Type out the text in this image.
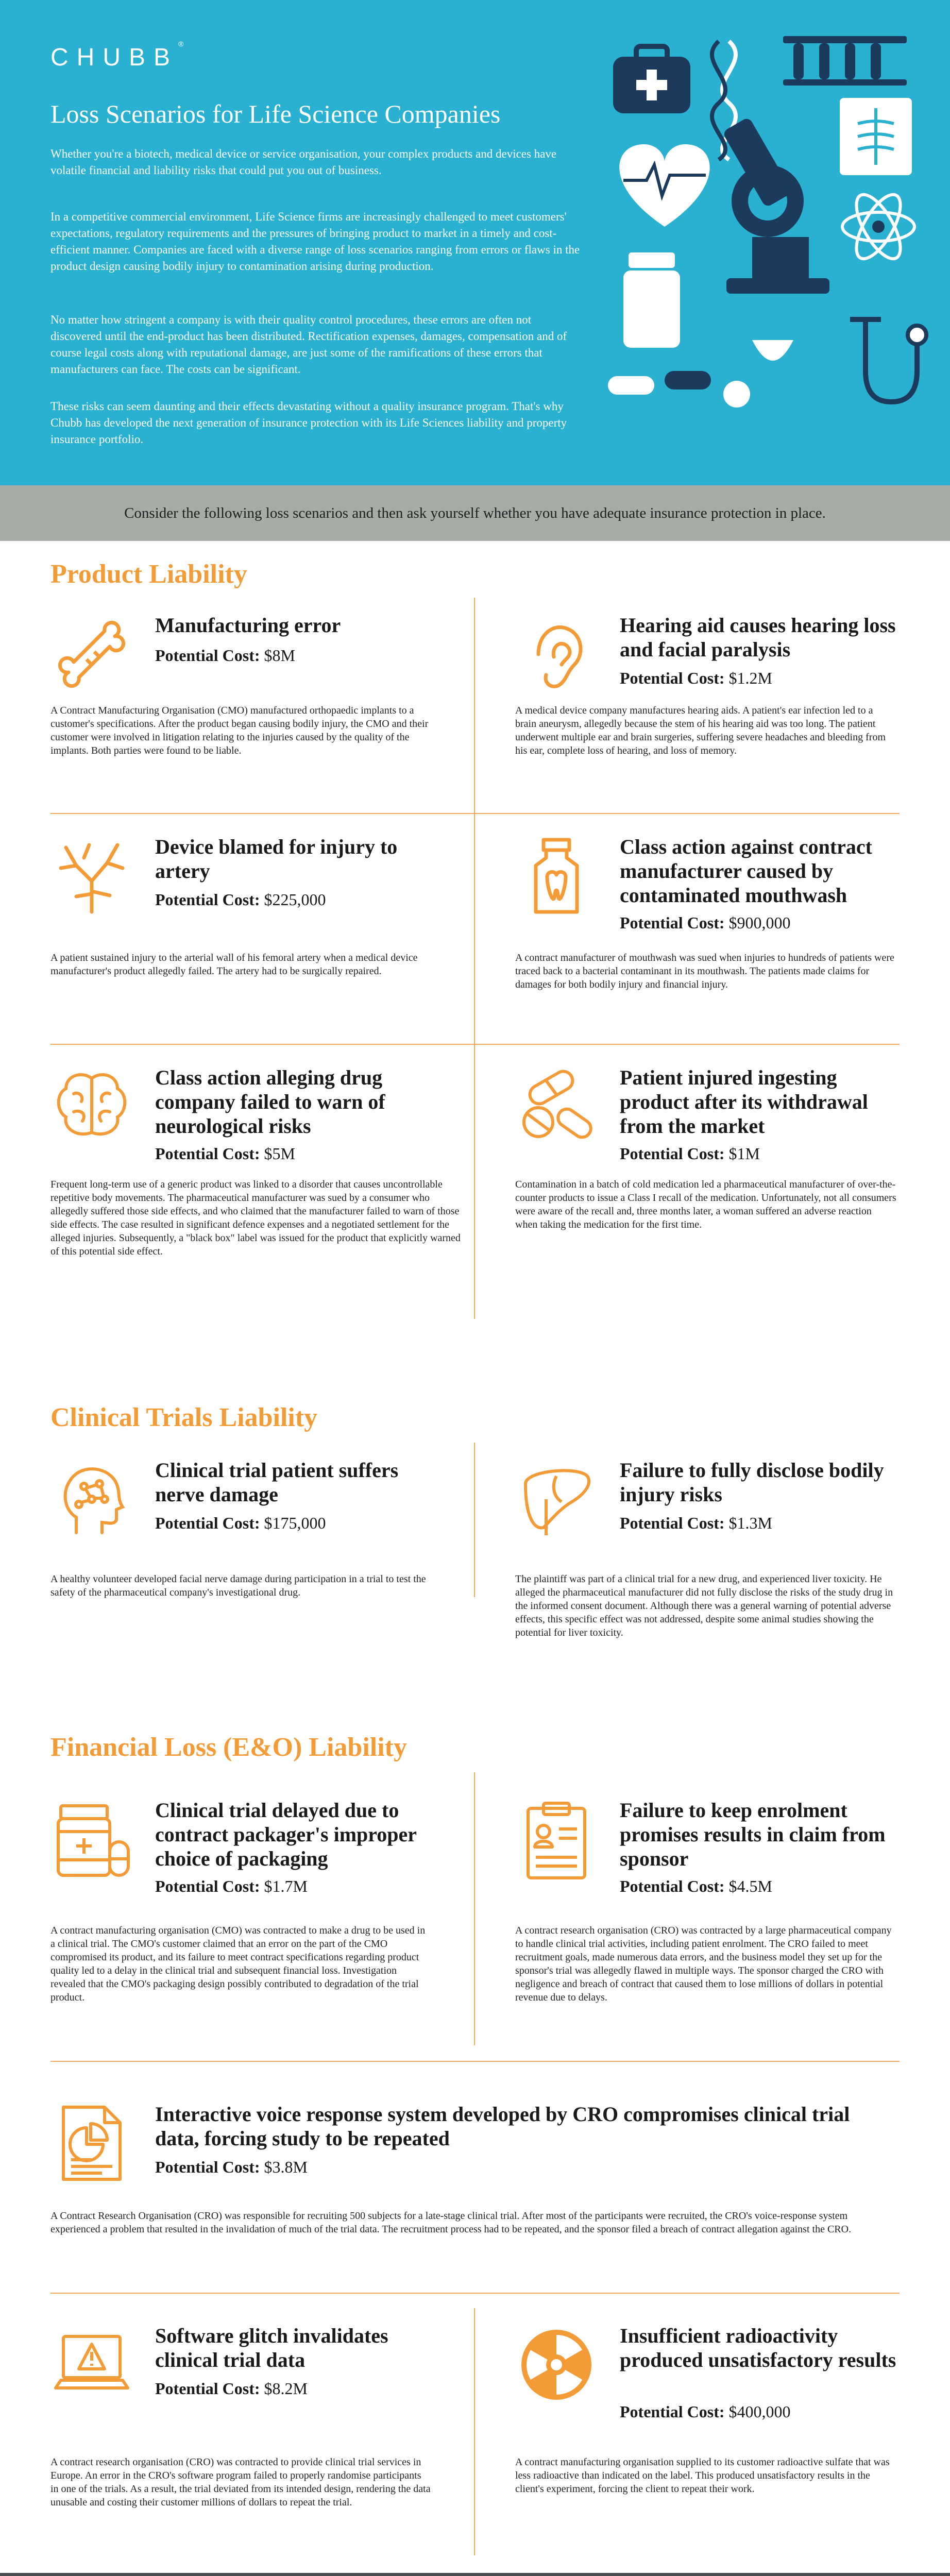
CHUBB®
Loss Scenarios for Life Science Companies

Whether you're a biotech, medical device or service organisation, your complex products and devices have volatile financial and liability risks that could put you out of business.

In a competitive commercial environment, Life Science firms are increasingly challenged to meet customers' expectations, regulatory requirements and the pressures of bringing product to market in a timely and cost-efficient manner. Companies are faced with a diverse range of loss scenarios ranging from errors or flaws in the product design causing bodily injury to contamination arising during production.

No matter how stringent a company is with their quality control procedures, these errors are often not discovered until the end-product has been distributed. Rectification expenses, damages, compensation and of course legal costs along with reputational damage, are just some of the ramifications of these errors that manufacturers can face. The costs can be significant.

These risks can seem daunting and their effects devastating without a quality insurance program. That's why Chubb has developed the next generation of insurance protection with its Life Sciences liability and property insurance portfolio.

Consider the following loss scenarios and then ask yourself whether you have adequate insurance protection in place.
Product Liability
Manufacturing error
Potential Cost: $8M

A Contract Manufacturing Organisation (CMO) manufactured orthopaedic implants to a customer's specifications. After the product began causing bodily injury, the CMO and their customer were involved in litigation relating to the injuries caused by the quality of the implants. Both parties were found to be liable.

Hearing aid causes hearing loss and facial paralysis
Potential Cost: $1.2M

A medical device company manufactures hearing aids. A patient's ear infection led to a brain aneurysm, allegedly because the stem of his hearing aid was too long. The patient underwent multiple ear and brain surgeries, suffering severe headaches and bleeding from his ear, complete loss of hearing, and loss of memory.

Device blamed for injury to artery
Potential Cost: $225,000

A patient sustained injury to the arterial wall of his femoral artery when a medical device manufacturer's product allegedly failed. The artery had to be surgically repaired.

Class action against contract manufacturer caused by contaminated mouthwash
Potential Cost: $900,000

A contract manufacturer of mouthwash was sued when injuries to hundreds of patients were traced back to a bacterial contaminant in its mouthwash. The patients made claims for damages for both bodily injury and financial injury.

Class action alleging drug company failed to warn of neurological risks
Potential Cost: $5M

Frequent long-term use of a generic product was linked to a disorder that causes uncontrollable repetitive body movements. The pharmaceutical manufacturer was sued by a consumer who allegedly suffered those side effects, and who claimed that the manufacturer failed to warn of those side effects. The case resulted in significant defence expenses and a negotiated settlement for the alleged injuries. Subsequently, a "black box" label was issued for the product that explicitly warned of this potential side effect.

Patient injured ingesting product after its withdrawal from the market
Potential Cost: $1M

Contamination in a batch of cold medication led a pharmaceutical manufacturer of over-the-counter products to issue a Class I recall of the medication. Unfortunately, not all consumers were aware of the recall and, three months later, a woman suffered an adverse reaction when taking the medication for the first time.

Clinical Trials Liability
Clinical trial patient suffers nerve damage
Potential Cost: $175,000

A healthy volunteer developed facial nerve damage during participation in a trial to test the safety of the pharmaceutical company's investigational drug.

Failure to fully disclose bodily injury risks
Potential Cost: $1.3M

The plaintiff was part of a clinical trial for a new drug, and experienced liver toxicity. He alleged the pharmaceutical manufacturer did not fully disclose the risks of the study drug in the informed consent document. Although there was a general warning of potential adverse effects, this specific effect was not addressed, despite some animal studies showing the potential for liver toxicity.

Financial Loss (E&O) Liability
Clinical trial delayed due to contract packager's improper choice of packaging
Potential Cost: $1.7M

A contract manufacturing organisation (CMO) was contracted to make a drug to be used in a clinical trial. The CMO's customer claimed that an error on the part of the CMO compromised its product, and its failure to meet contract specifications regarding product quality led to a delay in the clinical trial and subsequent financial loss. Investigation revealed that the CMO's packaging design possibly contributed to degradation of the trial product.

Failure to keep enrolment promises results in claim from sponsor
Potential Cost: $4.5M

A contract research organisation (CRO) was contracted by a large pharmaceutical company to handle clinical trial activities, including patient enrolment. The CRO failed to meet recruitment goals, made numerous data errors, and the business model they set up for the sponsor's trial was allegedly flawed in multiple ways. The sponsor charged the CRO with negligence and breach of contract that caused them to lose millions of dollars in potential revenue due to delays.

Interactive voice response system developed by CRO compromises clinical trial data, forcing study to be repeated
Potential Cost: $3.8M

A Contract Research Organisation (CRO) was responsible for recruiting 500 subjects for a late-stage clinical trial. After most of the participants were recruited, the CRO's voice-response system experienced a problem that resulted in the invalidation of much of the trial data. The recruitment process had to be repeated, and the sponsor filed a breach of contract allegation against the CRO.

Software glitch invalidates clinical trial data
Potential Cost: $8.2M

A contract research organisation (CRO) was contracted to provide clinical trial services in Europe. An error in the CRO's software program failed to properly randomise participants in one of the trials. As a result, the trial deviated from its intended design, rendering the data unusable and costing their customer millions of dollars to repeat the trial.

Insufficient radioactivity produced unsatisfactory results
Potential Cost: $400,000

A contract manufacturing organisation supplied to its customer radioactive sulfate that was less radioactive than indicated on the label. This produced unsatisfactory results in the client's experiment, forcing the client to repeat their work.
